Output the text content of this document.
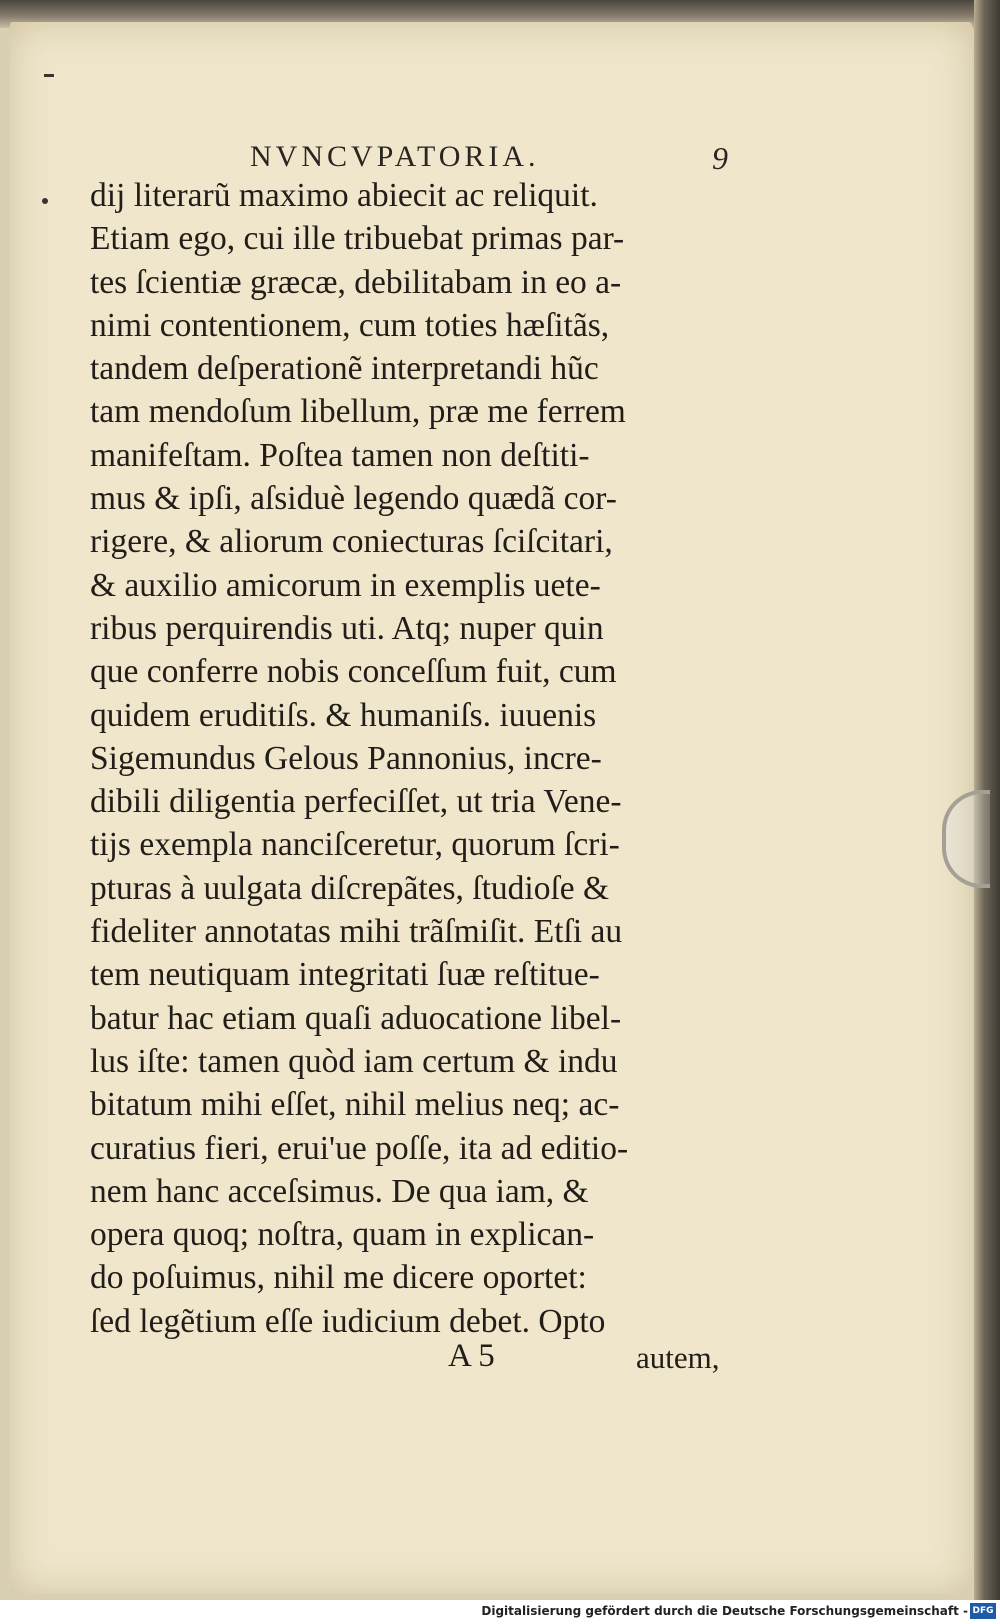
NVNCVPATORIA.	9
dij literarũ maximo abiecit ac reliquit.
Etiam ego, cui ille tribuebat primas par-
tes ſcientiæ græcæ, debilitabam in eo a-
nimi contentionem, cum toties hæſitãs,
tandem deſperationẽ interpretandi hũc
tam mendoſum libellum, præ me ferrem
manifeſtam. Poſtea tamen non deſtiti-
mus & ipſi, aſsiduè legendo quædã cor-
rigere, & aliorum coniecturas ſciſcitari,
& auxilio amicorum in exemplis uete-
ribus perquirendis uti. Atq; nuper quin
que conferre nobis conceſſum fuit, cum
quidem eruditiſs. & humaniſs. iuuenis
Sigemundus Gelous Pannonius, incre-
dibili diligentia perfeciſſet, ut tria Vene-
tijs exempla nanciſceretur, quorum ſcri-
pturas à uulgata diſcrepãtes, ſtudioſe &
fideliter annotatas mihi trãſmiſit. Etſi au
tem neutiquam integritati ſuæ reſtitue-
batur hac etiam quaſi aduocatione libel-
lus iſte: tamen quòd iam certum & indu
bitatum mihi eſſet, nihil melius neq; ac-
curatius fieri, erui'ue poſſe, ita ad editio-
nem hanc acceſsimus. De qua iam, &
opera quoq; noſtra, quam in explican-
do poſuimus, nihil me dicere oportet:
ſed legẽtium eſſe iudicium debet. Opto
A 5	autem,
Digitalisierung gefördert durch die Deutsche Forschungsgemeinschaft - DFG
